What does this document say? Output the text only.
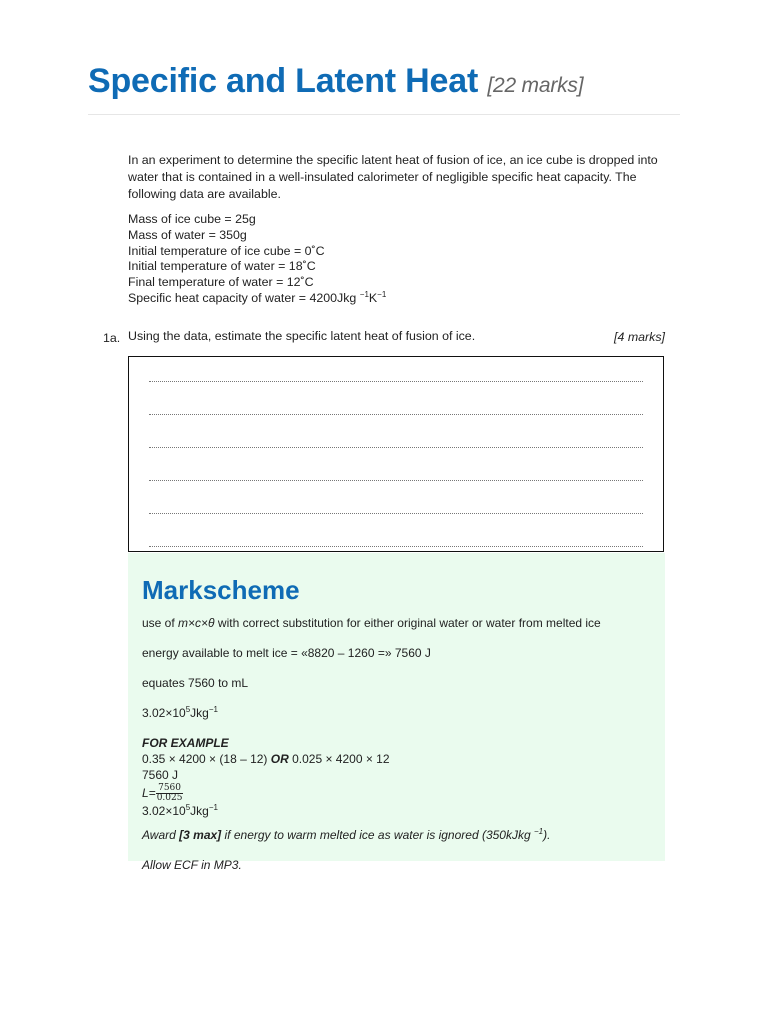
Specific and Latent Heat [22 marks]

In an experiment to determine the specific latent heat of fusion of ice, an ice cube is dropped into water that is contained in a well-insulated calorimeter of negligible specific heat capacity. The following data are available.

Mass of ice cube = 25g
Mass of water = 350g
Initial temperature of ice cube = 0˚C
Initial temperature of water = 18˚C
Final temperature of water = 12˚C
Specific heat capacity of water = 4200Jkg $^{-1}K^{-1}$
1a. Using the data, estimate the specific latent heat of fusion of ice.	[4 marks]
Markscheme
use of m×c×θ with correct substitution for either original water or water from melted ice
energy available to melt ice = «8820 – 1260 =» 7560 J
equates 7560 to mL
$3.02\times 10^5Jkg^{-1}$
FOR EXAMPLE
0.35 × 4200 × (18 – 12) OR 0.025 × 4200 × 12
7560 J
$L= \frac{7560}{0.025}$
$3.02\times 10^5Jkg^{-1}$
Award [3 max] if energy to warm melted ice as water is ignored (350kJkg $^{-1}$).
Allow ECF in MP3.
